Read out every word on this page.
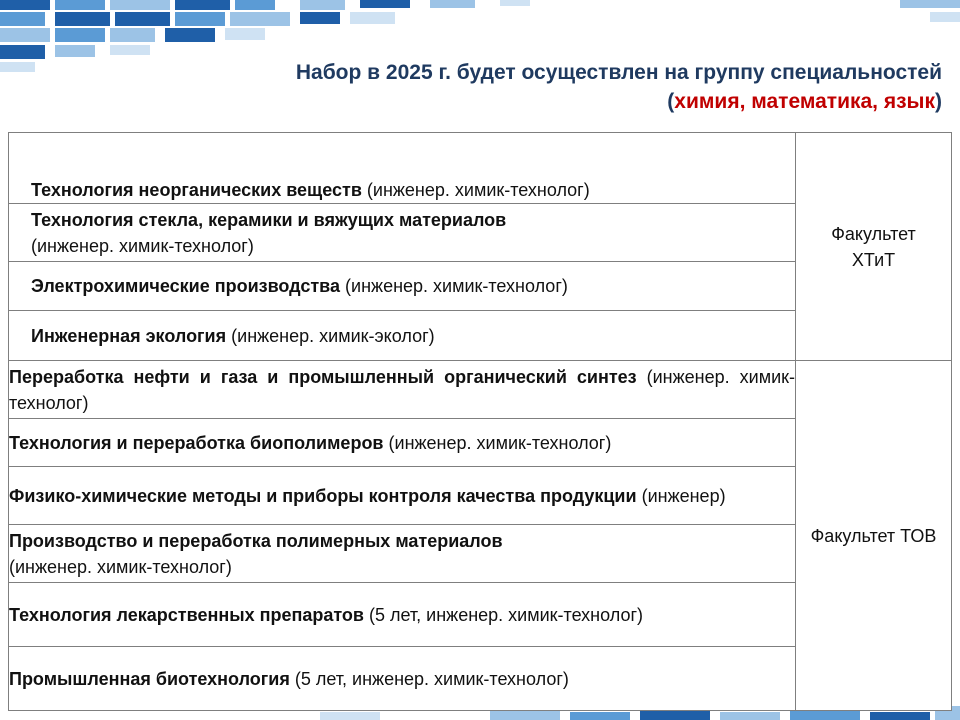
Набор в 2025 г. будет осуществлен на группу специальностей
(химия, математика, язык)
Технология неорганических веществ (инженер. химик-технолог)	Факультет
ХТиТ

Технология стекла, керамики и вяжущих материалов
(инженер. химик-технолог)	
Электрохимические производства (инженер. химик-технолог)	
Инженерная экология (инженер. химик-эколог)	
Переработка нефти и газа и промышленный органический синтез (инженер. химик-технолог)	Факультет ТОВ

Технология и переработка биополимеров (инженер. химик-технолог)	
Физико-химические методы и приборы контроля качества продукции (инженер)	
Производство и переработка полимерных материалов
(инженер. химик-технолог)	
Технология лекарственных препаратов (5 лет, инженер. химик-технолог)	
Промышленная биотехнология (5 лет, инженер. химик-технолог)	
